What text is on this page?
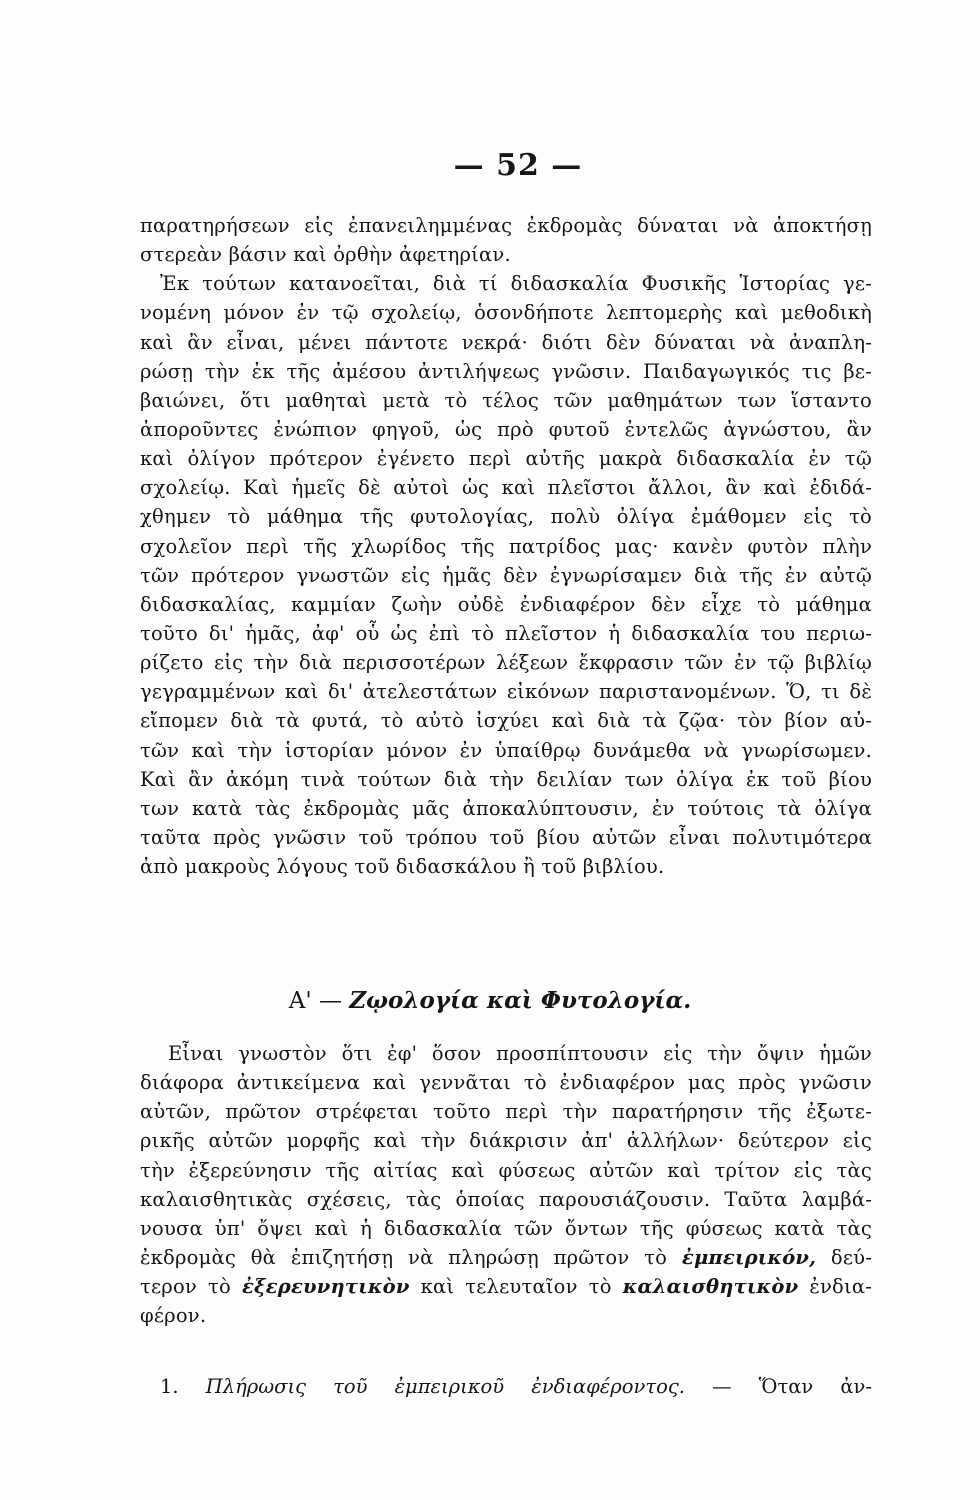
— 52 —
παρατηρήσεων εἰς ἐπανειλημμένας ἐκδρομὰς δύναται νὰ ἀποκτήσῃ
στερεὰν βάσιν καὶ ὀρθὴν ἀφετηρίαν.
Ἐκ τούτων κατανοεῖται, διὰ τί διδασκαλία Φυσικῆς Ἱστορίας γε-
νομένη μόνον ἐν τῷ σχολείῳ, ὁσονδήποτε λεπτομερὴς καὶ μεθοδικὴ
καὶ ἂν εἶναι, μένει πάντοτε νεκρά· διότι δὲν δύναται νὰ ἀναπλη-
ρώσῃ τὴν ἐκ τῆς ἀμέσου ἀντιλήψεως γνῶσιν. Παιδαγωγικός τις βε-
βαιώνει, ὅτι μαθηταὶ μετὰ τὸ τέλος τῶν μαθημάτων των ἵσταντο
ἀποροῦντες ἐνώπιον φηγοῦ, ὡς πρὸ φυτοῦ ἐντελῶς ἀγνώστου, ἂν
καὶ ὀλίγον πρότερον ἐγένετο περὶ αὐτῆς μακρὰ διδασκαλία ἐν τῷ
σχολείῳ. Καὶ ἡμεῖς δὲ αὐτοὶ ὡς καὶ πλεῖστοι ἄλλοι, ἂν καὶ ἐδιδά-
χθημεν τὸ μάθημα τῆς φυτολογίας, πολὺ ὀλίγα ἐμάθομεν εἰς τὸ
σχολεῖον περὶ τῆς χλωρίδος τῆς πατρίδος μας· κανὲν φυτὸν πλὴν
τῶν πρότερον γνωστῶν εἰς ἡμᾶς δὲν ἐγνωρίσαμεν διὰ τῆς ἐν αὐτῷ
διδασκαλίας, καμμίαν ζωὴν οὐδὲ ἐνδιαφέρον δὲν εἶχε τὸ μάθημα
τοῦτο δι' ἡμᾶς, ἀφ' οὗ ὡς ἐπὶ τὸ πλεῖστον ἡ διδασκαλία του περιω-
ρίζετο εἰς τὴν διὰ περισσοτέρων λέξεων ἔκφρασιν τῶν ἐν τῷ βιβλίῳ
γεγραμμένων καὶ δι' ἀτελεστάτων εἰκόνων παριστανομένων. Ὅ, τι δὲ
εἴπομεν διὰ τὰ φυτά, τὸ αὐτὸ ἰσχύει καὶ διὰ τὰ ζῷα· τὸν βίον αὐ-
τῶν καὶ τὴν ἱστορίαν μόνον ἐν ὑπαίθρῳ δυνάμεθα νὰ γνωρίσωμεν.
Καὶ ἂν ἀκόμη τινὰ τούτων διὰ τὴν δειλίαν των ὀλίγα ἐκ τοῦ βίου
των κατὰ τὰς ἐκδρομὰς μᾶς ἀποκαλύπτουσιν, ἐν τούτοις τὰ ὀλίγα
ταῦτα πρὸς γνῶσιν τοῦ τρόπου τοῦ βίου αὐτῶν εἶναι πολυτιμότερα
ἀπὸ μακροὺς λόγους τοῦ διδασκάλου ἢ τοῦ βιβλίου.
Α' — Ζῳολογία καὶ Φυτολογία.
Εἶναι γνωστὸν ὅτι ἐφ' ὅσον προσπίπτουσιν εἰς τὴν ὄψιν ἡμῶν
διάφορα ἀντικείμενα καὶ γεννᾶται τὸ ἐνδιαφέρον μας πρὸς γνῶσιν
αὐτῶν, πρῶτον στρέφεται τοῦτο περὶ τὴν παρατήρησιν τῆς ἐξωτε-
ρικῆς αὐτῶν μορφῆς καὶ τὴν διάκρισιν ἀπ' ἀλλήλων· δεύτερον εἰς
τὴν ἐξερεύνησιν τῆς αἰτίας καὶ φύσεως αὐτῶν καὶ τρίτον εἰς τὰς
καλαισθητικὰς σχέσεις, τὰς ὁποίας παρουσιάζουσιν. Ταῦτα λαμβά-
νουσα ὑπ' ὄψει καὶ ἡ διδασκαλία τῶν ὄντων τῆς φύσεως κατὰ τὰς
ἐκδρομὰς θὰ ἐπιζητήσῃ νὰ πληρώσῃ πρῶτον τὸ ἐμπειρικόν, δεύ-
τερον τὸ ἐξερευνητικὸν καὶ τελευταῖον τὸ καλαισθητικὸν ἐνδια-
φέρον.
1. Πλήρωσις τοῦ ἐμπειρικοῦ ἐνδιαφέροντος. — Ὅταν ἀν-
